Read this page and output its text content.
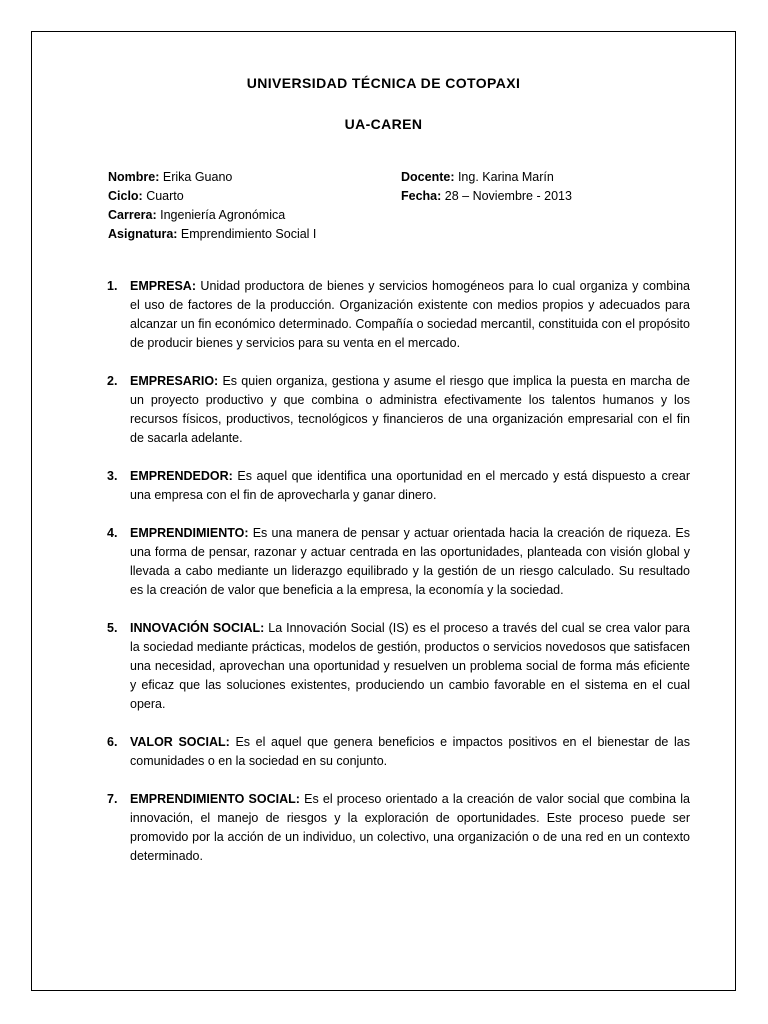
UNIVERSIDAD TÉCNICA DE COTOPAXI
UA-CAREN
Nombre: Erika Guano
Ciclo: Cuarto
Carrera: Ingeniería Agronómica
Asignatura: Emprendimiento Social I
Docente: Ing. Karina Marín
Fecha: 28 – Noviembre - 2013
1. EMPRESA: Unidad productora de bienes y servicios homogéneos para lo cual organiza y combina el uso de factores de la producción. Organización existente con medios propios y adecuados para alcanzar un fin económico determinado. Compañía o sociedad mercantil, constituida con el propósito de producir bienes y servicios para su venta en el mercado.
2. EMPRESARIO: Es quien organiza, gestiona y asume el riesgo que implica la puesta en marcha de un proyecto productivo y que combina o administra efectivamente los talentos humanos y los recursos físicos, productivos, tecnológicos y financieros de una organización empresarial con el fin de sacarla adelante.
3. EMPRENDEDOR: Es aquel que identifica una oportunidad en el mercado y está dispuesto a crear una empresa con el fin de aprovecharla y ganar dinero.
4. EMPRENDIMIENTO: Es una manera de pensar y actuar orientada hacia la creación de riqueza. Es una forma de pensar, razonar y actuar centrada en las oportunidades, planteada con visión global y llevada a cabo mediante un liderazgo equilibrado y la gestión de un riesgo calculado. Su resultado es la creación de valor que beneficia a la empresa, la economía y la sociedad.
5. INNOVACIÓN SOCIAL: La Innovación Social (IS) es el proceso a través del cual se crea valor para la sociedad mediante prácticas, modelos de gestión, productos o servicios novedosos que satisfacen una necesidad, aprovechan una oportunidad y resuelven un problema social de forma más eficiente y eficaz que las soluciones existentes, produciendo un cambio favorable en el sistema en el cual opera.
6. VALOR SOCIAL: Es el aquel que genera beneficios e impactos positivos en el bienestar de las comunidades o en la sociedad en su conjunto.
7. EMPRENDIMIENTO SOCIAL: Es el proceso orientado a la creación de valor social que combina la innovación, el manejo de riesgos y la exploración de oportunidades. Este proceso puede ser promovido por la acción de un individuo, un colectivo, una organización o de una red en un contexto determinado.
